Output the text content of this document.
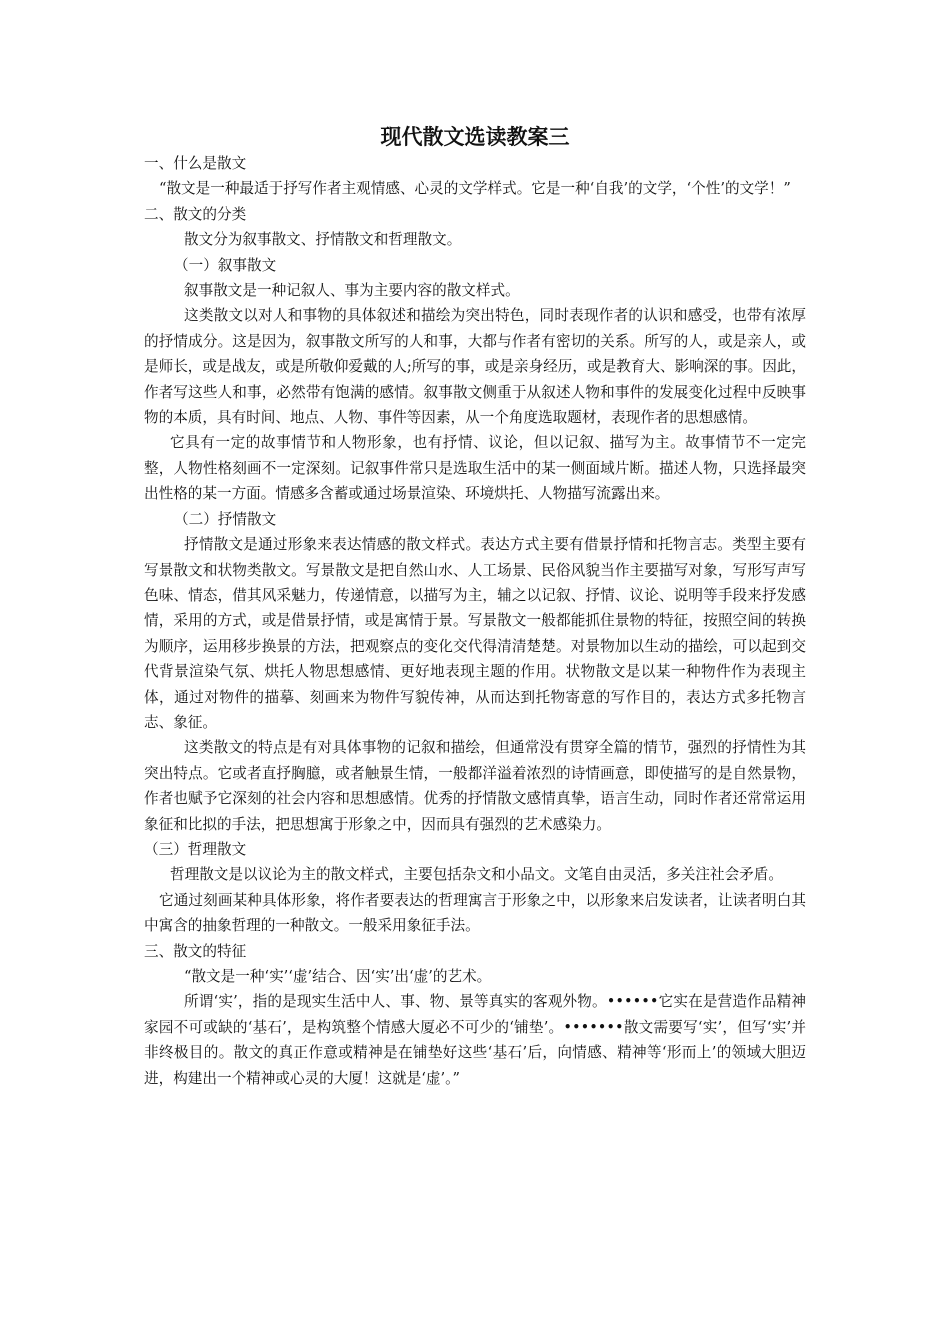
现代散文选读教案三

一、什么是散文

“散文是一种最适于抒写作者主观情感、心灵的文学样式。它是一种‘自我’的文学，‘个性’的文学！”

二、散文的分类

散文分为叙事散文、抒情散文和哲理散文。

（一）叙事散文

叙事散文是一种记叙人、事为主要内容的散文样式。

这类散文以对人和事物的具体叙述和描绘为突出特色，同时表现作者的认识和感受，也带有浓厚的抒情成分。这是因为，叙事散文所写的人和事，大都与作者有密切的关系。所写的人，或是亲人，或是师长，或是战友，或是所敬仰爱戴的人;所写的事，或是亲身经历，或是教育大、影响深的事。因此，作者写这些人和事，必然带有饱满的感情。叙事散文侧重于从叙述人物和事件的发展变化过程中反映事物的本质，具有时间、地点、人物、事件等因素，从一个角度选取题材，表现作者的思想感情。

它具有一定的故事情节和人物形象，也有抒情、议论，但以记叙、描写为主。故事情节不一定完整，人物性格刻画不一定深刻。记叙事件常只是选取生活中的某一侧面域片断。描述人物，只选择最突出性格的某一方面。情感多含蓄或通过场景渲染、环境烘托、人物描写流露出来。

（二）抒情散文

抒情散文是通过形象来表达情感的散文样式。表达方式主要有借景抒情和托物言志。类型主要有写景散文和状物类散文。写景散文是把自然山水、人工场景、民俗风貌当作主要描写对象，写形写声写色味、情态，借其风采魅力，传递情意，以描写为主，辅之以记叙、抒情、议论、说明等手段来抒发感情，采用的方式，或是借景抒情，或是寓情于景。写景散文一般都能抓住景物的特征，按照空间的转换为顺序，运用移步换景的方法，把观察点的变化交代得清清楚楚。对景物加以生动的描绘，可以起到交代背景渲染气氛、烘托人物思想感情、更好地表现主题的作用。状物散文是以某一种物件作为表现主体，通过对物件的描摹、刻画来为物件写貌传神，从而达到托物寄意的写作目的，表达方式多托物言志、象征。

这类散文的特点是有对具体事物的记叙和描绘，但通常没有贯穿全篇的情节，强烈的抒情性为其突出特点。它或者直抒胸臆，或者触景生情，一般都洋溢着浓烈的诗情画意，即使描写的是自然景物，作者也赋予它深刻的社会内容和思想感情。优秀的抒情散文感情真挚，语言生动，同时作者还常常运用象征和比拟的手法，把思想寓于形象之中，因而具有强烈的艺术感染力。

（三）哲理散文

哲理散文是以议论为主的散文样式，主要包括杂文和小品文。文笔自由灵活，多关注社会矛盾。

它通过刻画某种具体形象，将作者要表达的哲理寓言于形象之中，以形象来启发读者，让读者明白其中寓含的抽象哲理的一种散文。一般采用象征手法。

三、散文的特征

“散文是一种‘实’‘虚’结合、因‘实’出‘虚’的艺术。

所谓‘实’，指的是现实生活中人、事、物、景等真实的客观外物。••••••它实在是营造作品精神家园不可或缺的‘基石’，是构筑整个情感大厦必不可少的‘铺垫’。•••••••散文需要写‘实’，但写‘实’并非终极目的。散文的真正作意或精神是在铺垫好这些‘基石’后，向情感、精神等‘形而上’的领域大胆迈进，构建出一个精神或心灵的大厦！这就是‘虚’。”
